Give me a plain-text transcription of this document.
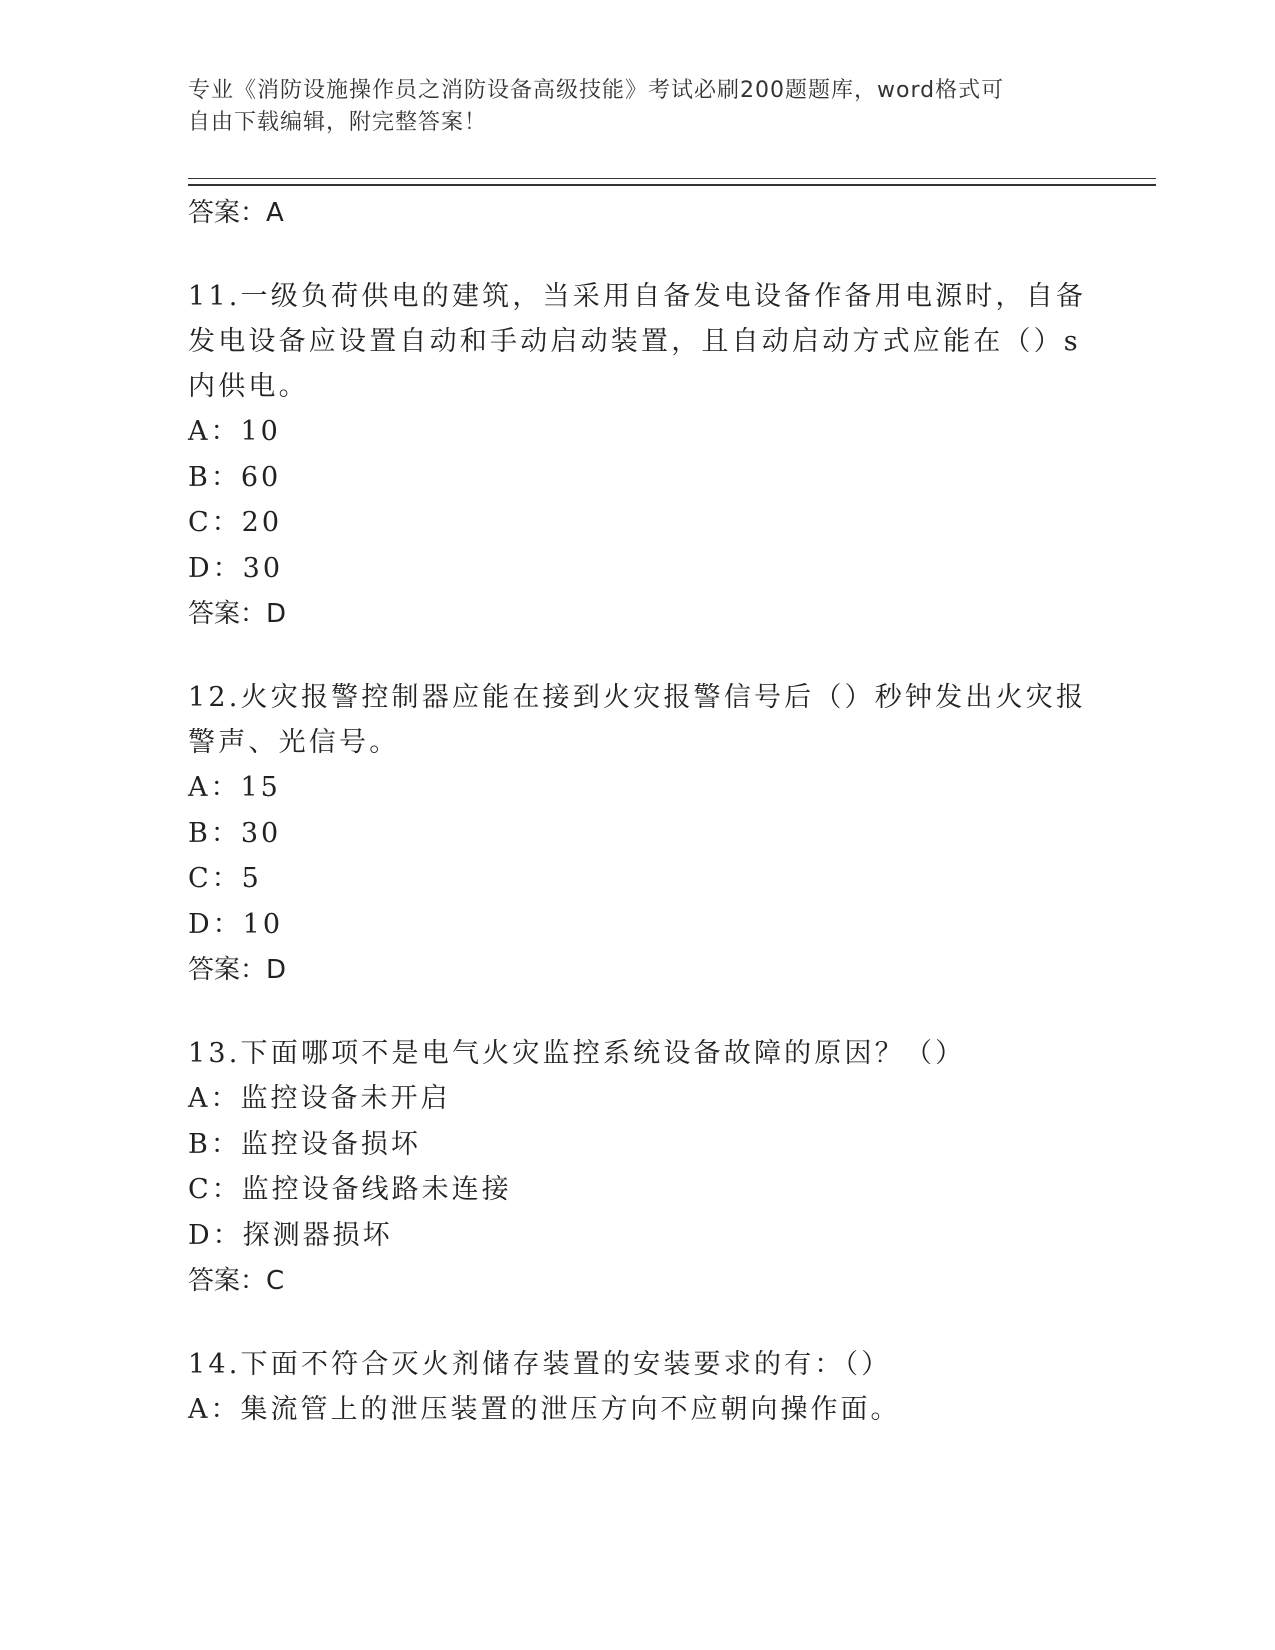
专业《消防设施操作员之消防设备高级技能》考试必刷200题题库，word格式可
自由下载编辑，附完整答案！

答案：A

11.一级负荷供电的建筑，当采用自备发电设备作备用电源时，自备发电设备应设置自动和手动启动装置，且自动启动方式应能在（）s内供电。

A：10

B：60

C：20

D：30

答案：D

12.火灾报警控制器应能在接到火灾报警信号后（）秒钟发出火灾报警声、光信号。

A：15

B：30

C：5

D：10

答案：D

13.下面哪项不是电气火灾监控系统设备故障的原因？（）

A：监控设备未开启

B：监控设备损坏

C：监控设备线路未连接

D：探测器损坏

答案：C

14.下面不符合灭火剂储存装置的安装要求的有：（）

A：集流管上的泄压装置的泄压方向不应朝向操作面。
